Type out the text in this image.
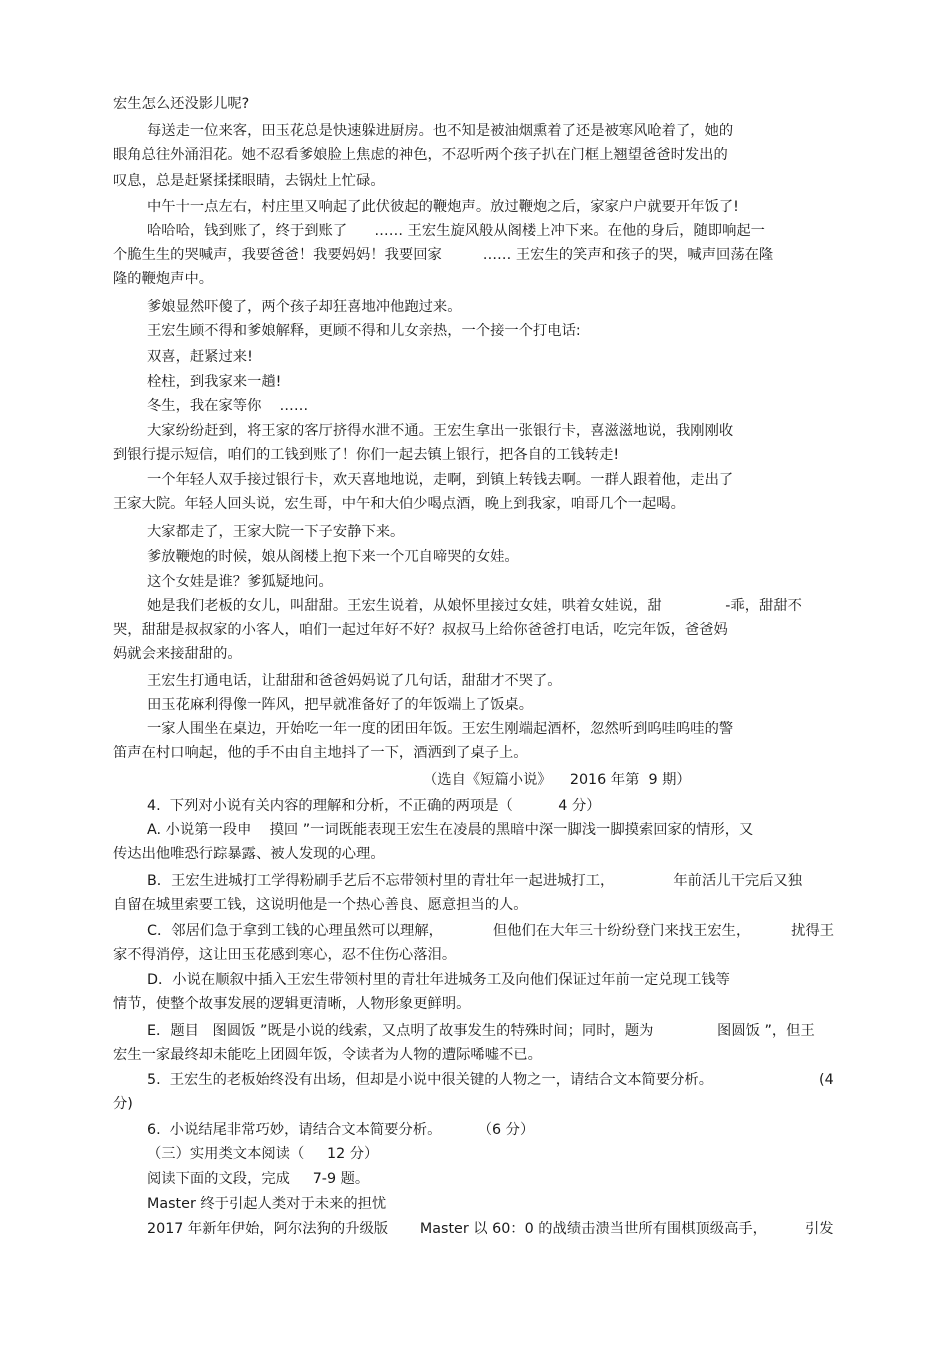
宏生怎么还没影儿呢?
每送走一位来客，田玉花总是快速躲进厨房。也不知是被油烟熏着了还是被寒风呛着了，她的
眼角总往外涌泪花。她不忍看爹娘脸上焦虑的神色，不忍听两个孩子扒在门框上翘望爸爸时发出的
叹息，总是赶紧揉揉眼睛，去锅灶上忙碌。
中午十一点左右，村庄里又响起了此伏彼起的鞭炮声。放过鞭炮之后，家家户户就要开年饭了!
哈哈哈，钱到账了，终于到账了      …… 王宏生旋风般从阁楼上冲下来。在他的身后，随即响起一
个脆生生的哭喊声，我要爸爸！我要妈妈！我要回家         …… 王宏生的笑声和孩子的哭，喊声回荡在隆
隆的鞭炮声中。
爹娘显然吓傻了，两个孩子却狂喜地冲他跑过来。
王宏生顾不得和爹娘解释，更顾不得和儿女亲热，一个接一个打电话:
双喜，赶紧过来!
栓柱，到我家来一趟!
冬生，我在家等你    ……
大家纷纷赶到，将王家的客厅挤得水泄不通。王宏生拿出一张银行卡，喜滋滋地说，我刚刚收
到银行提示短信，咱们的工钱到账了！你们一起去镇上银行，把各自的工钱转走!
一个年轻人双手接过银行卡，欢天喜地地说，走啊，到镇上转钱去啊。一群人跟着他，走出了
王家大院。年轻人回头说，宏生哥，中午和大伯少喝点酒，晚上到我家，咱哥几个一起喝。
大家都走了，王家大院一下子安静下来。
爹放鞭炮的时候，娘从阁楼上抱下来一个兀自啼哭的女娃。
这个女娃是谁？爹狐疑地问。
她是我们老板的女儿，叫甜甜。王宏生说着，从娘怀里接过女娃，哄着女娃说，甜              -乖，甜甜不
哭，甜甜是叔叔家的小客人，咱们一起过年好不好？叔叔马上给你爸爸打电话，吃完年饭，爸爸妈
妈就会来接甜甜的。
王宏生打通电话，让甜甜和爸爸妈妈说了几句话，甜甜才不哭了。
田玉花麻利得像一阵风，把早就准备好了的年饭端上了饭桌。
一家人围坐在桌边，开始吃一年一度的团田年饭。王宏生刚端起酒杯，忽然听到呜哇呜哇的警
笛声在村口响起，他的手不由自主地抖了一下，酒洒到了桌子上。
（选自《短篇小说》    2016 年第  9 期）
4.  下列对小说有关内容的理解和分析，不正确的两项是（          4 分）
A. 小说第一段申    摸回 ”一词既能表现王宏生在凌晨的黑暗中深一脚浅一脚摸索回家的情形，又
传达出他唯恐行踪暴露、被人发现的心理。
B．王宏生进城打工学得粉刷手艺后不忘带领村里的青壮年一起进城打工，             年前活儿干完后又独
自留在城里索要工钱，这说明他是一个热心善良、愿意担当的人。
C．邻居们急于拿到工钱的心理虽然可以理解，           但他们在大年三十纷纷登门来找王宏生，         扰得王
家不得消停，这让田玉花感到寒心，忍不住伤心落泪。
D．小说在顺叙中插入王宏生带领村里的青壮年进城务工及向他们保证过年前一定兑现工钱等
情节，使整个故事发展的逻辑更清晰，人物形象更鲜明。
E．题目   图圆饭 ”既是小说的线索，又点明了故事发生的特殊时间；同时，题为              图圆饭 ”，但王
宏生一家最终却未能吃上团圆年饭，令读者为人物的遭际唏嘘不已。
5.  王宏生的老板始终没有出场，但却是小说中很关键的人物之一，请结合文本简要分析。	(4
分)
6.  小说结尾非常巧妙，请结合文本简要分析。        （6 分）
（三）实用类文本阅读（     12 分）
阅读下面的文段，完成     7-9 题。
Master 终于引起人类对于未来的担忧
2017 年新年伊始，阿尔法狗的升级版       Master 以 60：0 的战绩击溃当世所有围棋顶级高手，	引发
